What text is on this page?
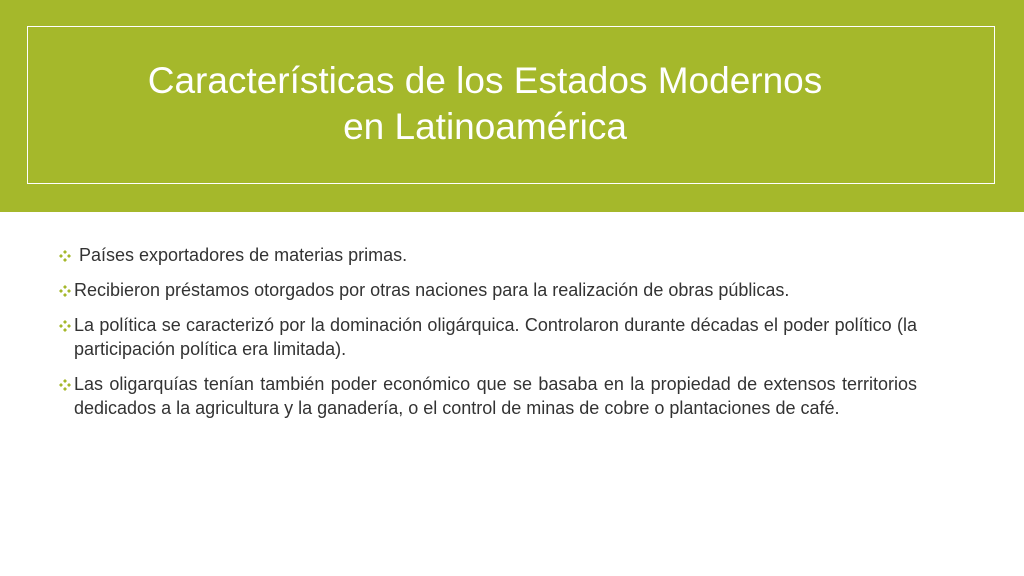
Características de los Estados Modernos
en Latinoamérica
Países exportadores de materias primas.
Recibieron préstamos otorgados por otras naciones para la realización de obras públicas.
La política se caracterizó por la dominación oligárquica. Controlaron durante décadas el poder político (la participación política era limitada).
Las oligarquías tenían también poder económico que se basaba en la propiedad de extensos territorios dedicados a la agricultura y la ganadería, o el control de minas de cobre o plantaciones de café.
